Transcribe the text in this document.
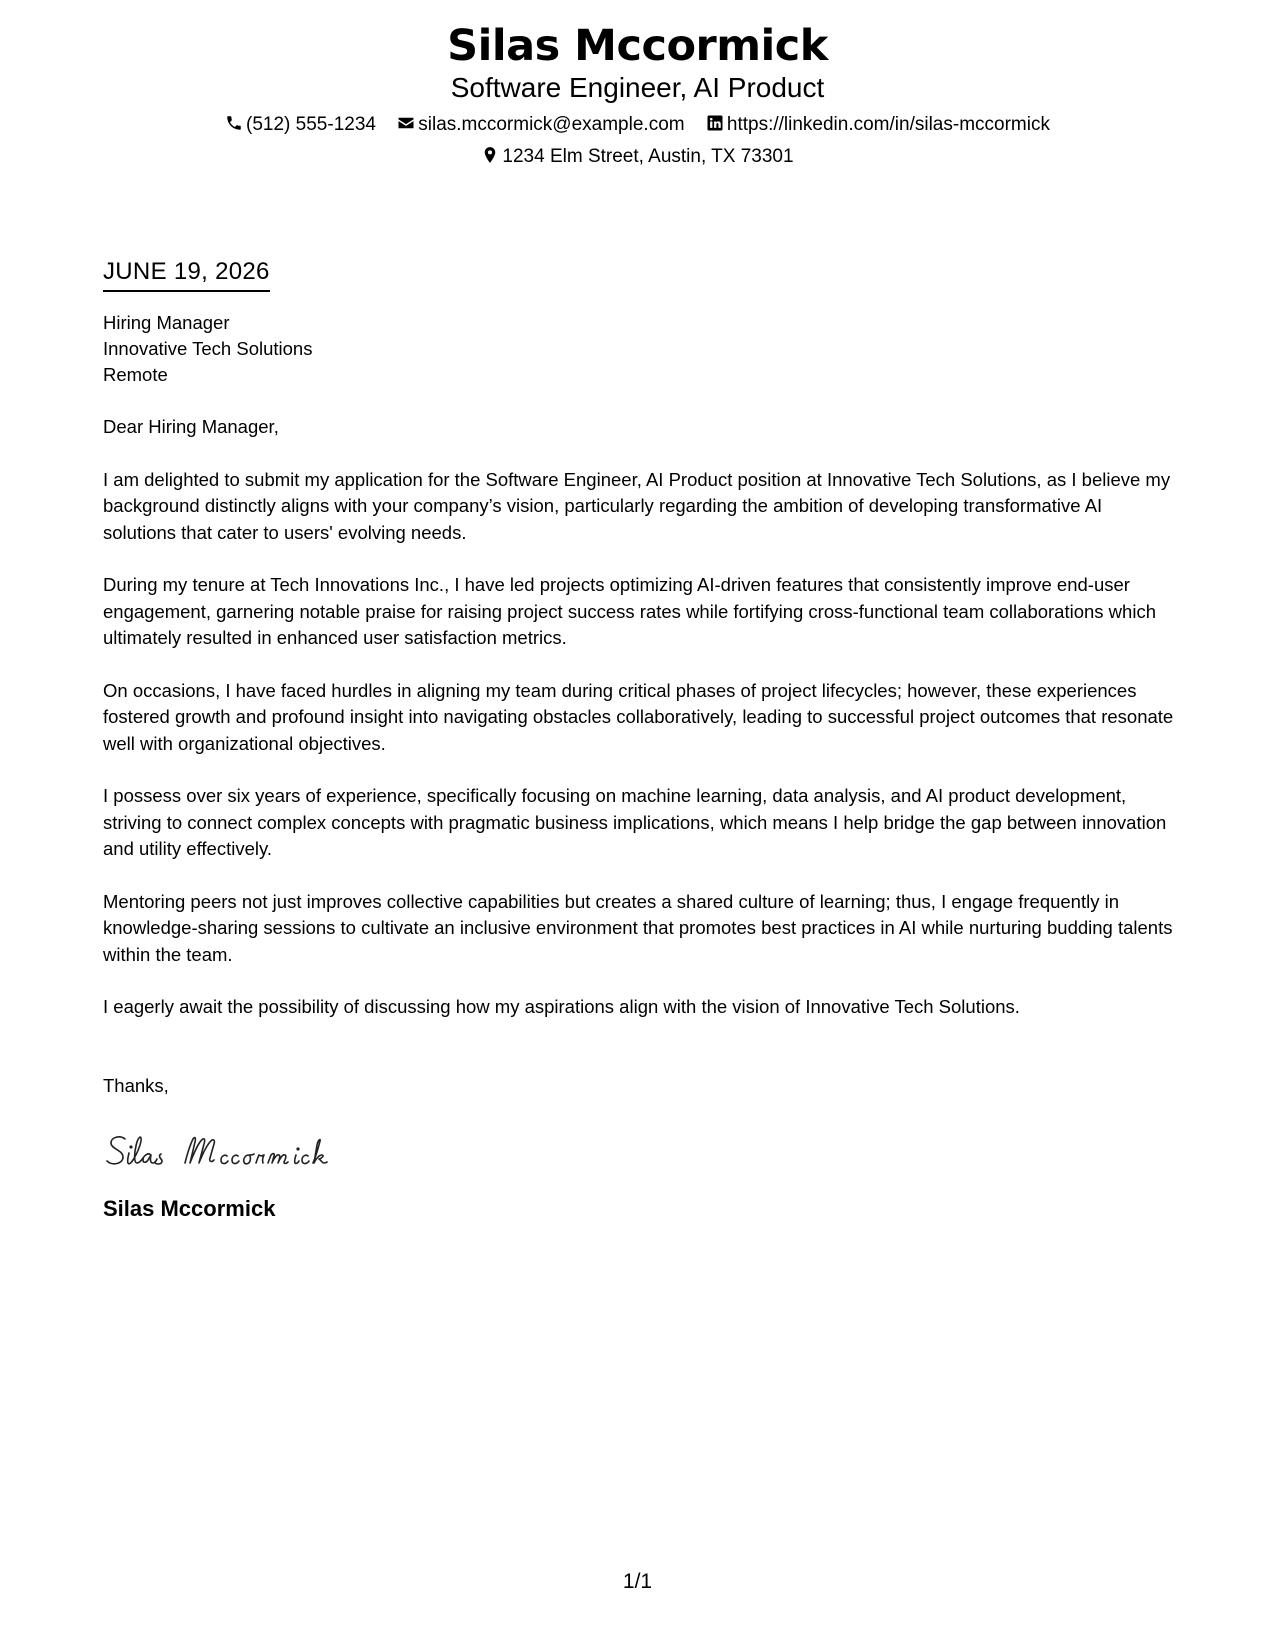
Silas Mccormick
Software Engineer, AI Product
(512) 555-1234 silas.mccormick@example.com https://linkedin.com/in/silas-mccormick
1234 Elm Street, Austin, TX 73301
JUNE 19, 2026
Hiring Manager
Innovative Tech Solutions
Remote
Dear Hiring Manager,

I am delighted to submit my application for the Software Engineer, AI Product position at Innovative Tech Solutions, as I believe my background distinctly aligns with your company’s vision, particularly regarding the ambition of developing transformative AI solutions that cater to users' evolving needs.

During my tenure at Tech Innovations Inc., I have led projects optimizing AI-driven features that consistently improve end-user engagement, garnering notable praise for raising project success rates while fortifying cross-functional team collaborations which ultimately resulted in enhanced user satisfaction metrics.

On occasions, I have faced hurdles in aligning my team during critical phases of project lifecycles; however, these experiences fostered growth and profound insight into navigating obstacles collaboratively, leading to successful project outcomes that resonate well with organizational objectives.

I possess over six years of experience, specifically focusing on machine learning, data analysis, and AI product development, striving to connect complex concepts with pragmatic business implications, which means I help bridge the gap between innovation and utility effectively.

Mentoring peers not just improves collective capabilities but creates a shared culture of learning; thus, I engage frequently in knowledge-sharing sessions to cultivate an inclusive environment that promotes best practices in AI while nurturing budding talents within the team.

I eagerly await the possibility of discussing how my aspirations align with the vision of Innovative Tech Solutions.

Thanks,
Silas Mccormick
1/1
